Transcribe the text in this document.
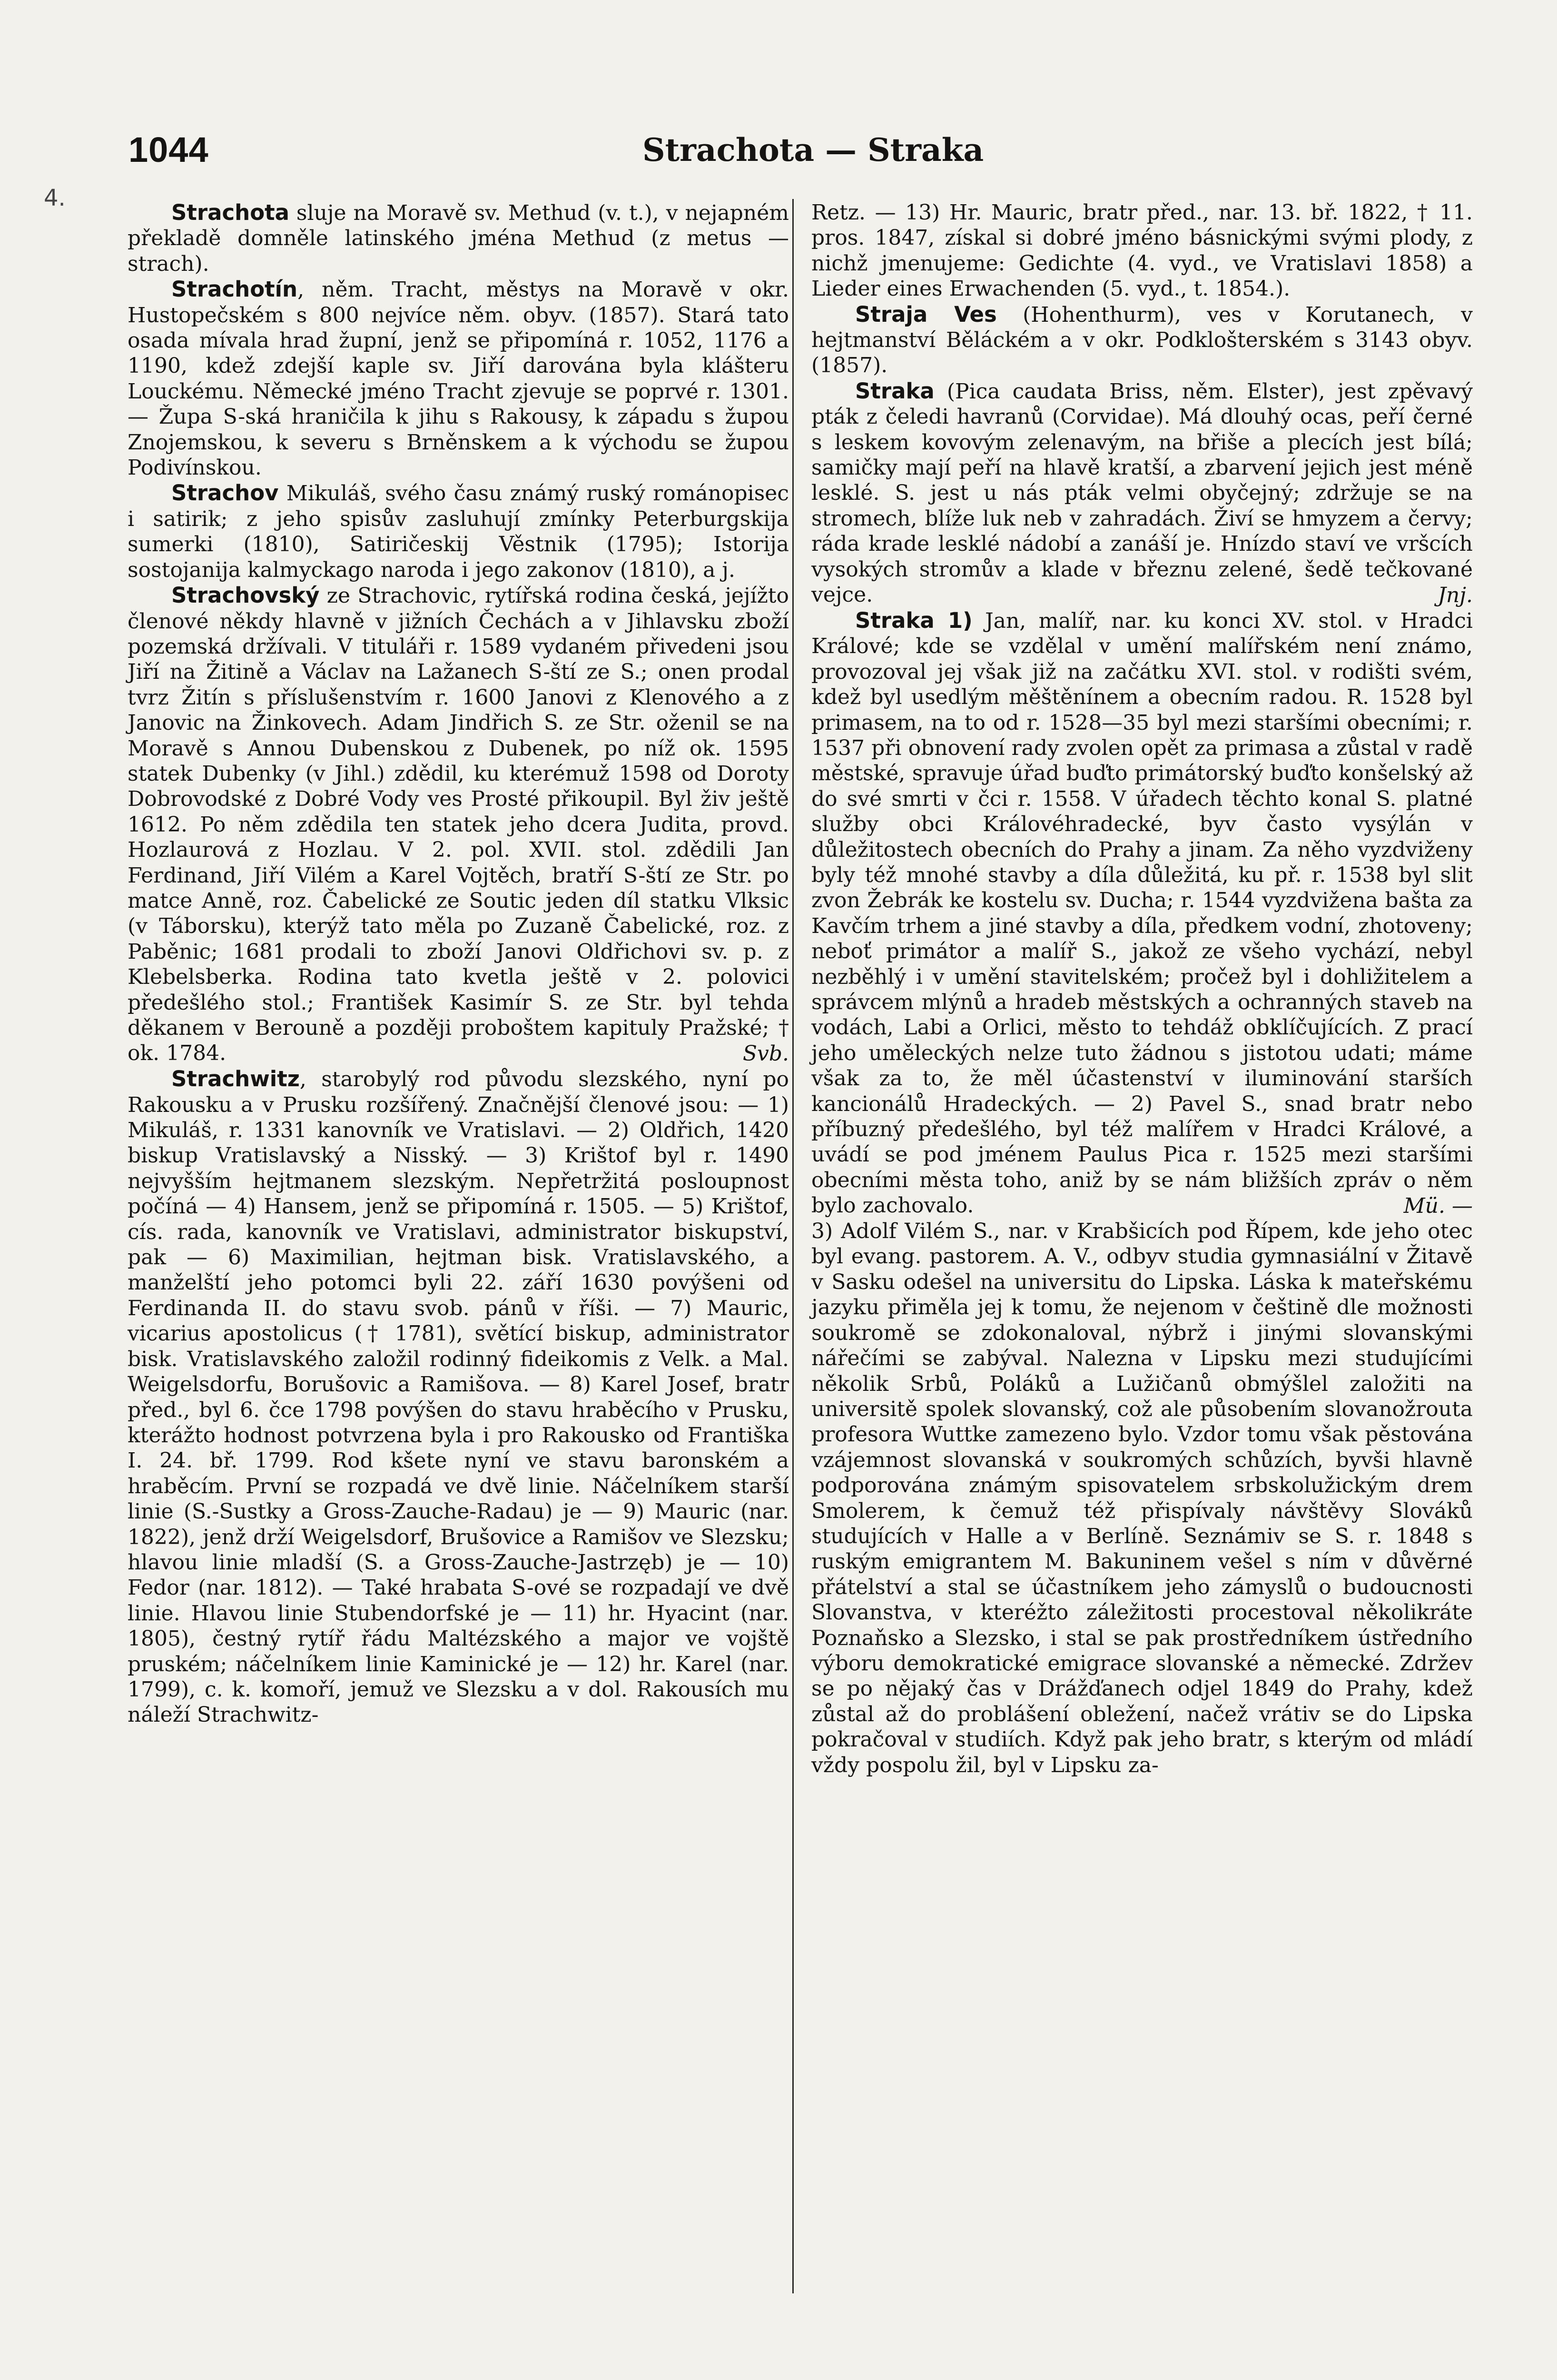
1044	Strachota — Straka
4.

Strachota sluje na Moravě sv. Methud (v. t.), v nejapném překladě domněle latinského jména Methud (z metus — strach).

Strachotín, něm. Tracht, městys na Moravě v okr. Hustopečském s 800 nejvíce něm. obyv. (1857). Stará tato osada mívala hrad župní, jenž se připomíná r. 1052, 1176 a 1190, kdež zdejší kaple sv. Jiří darována byla klášteru Louckému. Německé jméno Tracht zjevuje se poprvé r. 1301. — Župa S-ská hraničila k jihu s Rakousy, k západu s župou Znojemskou, k severu s Brněnskem a k východu se župou Podivínskou.

Strachov Mikuláš, svého času známý ruský románopisec i satirik; z jeho spisův zasluhují zmínky Peterburgskija sumerki (1810), Satiričeskij Věstnik (1795); Istorija sostojanija kalmyckago naroda i jego zakonov (1810), a j.

Strachovský ze Strachovic, rytířská rodina česká, jejížto členové někdy hlavně v jižních Čechách a v Jihlavsku zboží pozemská držívali. V tituláři r. 1589 vydaném přivedeni jsou Jiří na Žitině a Václav na Lažanech S-ští ze S.; onen prodal tvrz Žitín s příslušenstvím r. 1600 Janovi z Klenového a z Janovic na Žinkovech. Adam Jindřich S. ze Str. oženil se na Moravě s Annou Dubenskou z Dubenek, po níž ok. 1595 statek Dubenky (v Jihl.) zdědil, ku kterémuž 1598 od Doroty Dobrovodské z Dobré Vody ves Prosté přikoupil. Byl živ ještě 1612. Po něm zdědila ten statek jeho dcera Judita, provd. Hozlaurová z Hozlau. V 2. pol. XVII. stol. zdědili Jan Ferdinand, Jiří Vilém a Karel Vojtěch, bratří S-ští ze Str. po matce Anně, roz. Čabelické ze Soutic jeden díl statku Vlksic (v Táborsku), kterýž tato měla po Zuzaně Čabelické, roz. z Paběnic; 1681 prodali to zboží Janovi Oldřichovi sv. p. z Klebelsberka. Rodina tato kvetla ještě v 2. polovici předešlého stol.; František Kasimír S. ze Str. byl tehda děkanem v Berouně a později proboštem kapituly Pražské; † ok. 1784.	Svb.

Strachwitz, starobylý rod původu slezského, nyní po Rakousku a v Prusku rozšířený. Značnější členové jsou: — 1) Mikuláš, r. 1331 kanovník ve Vratislavi. — 2) Oldřich, 1420 biskup Vratislavský a Nisský. — 3) Krištof byl r. 1490 nejvyšším hejtmanem slezským. Nepřetržitá posloupnost počíná — 4) Hansem, jenž se připomíná r. 1505. — 5) Krištof, cís. rada, kanovník ve Vratislavi, administrator biskupství, pak — 6) Maximilian, hejtman bisk. Vratislavského, a manželští jeho potomci byli 22. září 1630 povýšeni od Ferdinanda II. do stavu svob. pánů v říši. — 7) Mauric, vicarius apostolicus († 1781), světící biskup, administrator bisk. Vratislavského založil rodinný fideikomis z Velk. a Mal. Weigelsdorfu, Borušovic a Ramišova. — 8) Karel Josef, bratr před., byl 6. čce 1798 povýšen do stavu hraběcího v Prusku, kterážto hodnost potvrzena byla i pro Rakousko od Františka I. 24. bř. 1799. Rod kšete nyní ve stavu baronském a hraběcím. První se rozpadá ve dvě linie. Náčelníkem starší linie (S.-Sustky a Gross-Zauche-Radau) je — 9) Mauric (nar. 1822), jenž drží Weigelsdorf, Brušovice a Ramišov ve Slezsku; hlavou linie mladší (S. a Gross-Zauche-Jastrzęb) je — 10) Fedor (nar. 1812). — Také hrabata S-ové se rozpadají ve dvě linie. Hlavou linie Stubendorfské je — 11) hr. Hyacint (nar. 1805), čestný rytíř řádu Maltézského a major ve vojště pruském; náčelníkem linie Kaminické je — 12) hr. Karel (nar. 1799), c. k. komoří, jemuž ve Slezsku a v dol. Rakousích mu náleží Strachwitz-

Retz. — 13) Hr. Mauric, bratr před., nar. 13. bř. 1822, † 11. pros. 1847, získal si dobré jméno básnickými svými plody, z nichž jmenujeme: Gedichte (4. vyd., ve Vratislavi 1858) a Lieder eines Erwachenden (5. vyd., t. 1854.).

Straja Ves (Hohenthurm), ves v Korutanech, v hejtmanství Běláckém a v okr. Podklošterském s 3143 obyv. (1857).

Straka (Pica caudata Briss, něm. Elster), jest zpěvavý pták z čeledi havranů (Corvidae). Má dlouhý ocas, peří černé s leskem kovovým zelenavým, na břiše a plecích jest bílá; samičky mají peří na hlavě kratší, a zbarvení jejich jest méně lesklé. S. jest u nás pták velmi obyčejný; zdržuje se na stromech, blíže luk neb v zahradách. Živí se hmyzem a červy; ráda krade lesklé nádobí a zanáší je. Hnízdo staví ve vršcích vysokých stromův a klade v březnu zelené, šedě tečkované vejce.	Jnj.

Straka 1) Jan, malíř, nar. ku konci XV. stol. v Hradci Králové; kde se vzdělal v umění malířském není známo, provozoval jej však již na začátku XVI. stol. v rodišti svém, kdež byl usedlým měštěnínem a obecním radou. R. 1528 byl primasem, na to od r. 1528—35 byl mezi staršími obecními; r. 1537 při obnovení rady zvolen opět za primasa a zůstal v radě městské, spravuje úřad buďto primátorský buďto konšelský až do své smrti v čci r. 1558. V úřadech těchto konal S. platné služby obci Královéhradecké, byv často vysýlán v důležitostech obecních do Prahy a jinam. Za něho vyzdviženy byly též mnohé stavby a díla důležitá, ku př. r. 1538 byl slit zvon Žebrák ke kostelu sv. Ducha; r. 1544 vyzdvižena bašta za Kavčím trhem a jiné stavby a díla, předkem vodní, zhotoveny; neboť primátor a malíř S., jakož ze všeho vychází, nebyl nezběhlý i v umění stavitelském; pročež byl i dohližitelem a správcem mlýnů a hradeb městských a ochranných staveb na vodách, Labi a Orlici, město to tehdáž obklíčujících. Z prací jeho uměleckých nelze tuto žádnou s jistotou udati; máme však za to, že měl účastenství v iluminování starších kancionálů Hradeckých. — 2) Pavel S., snad bratr nebo příbuzný předešlého, byl též malířem v Hradci Králové, a uvádí se pod jménem Paulus Pica r. 1525 mezi staršími obecními města toho, aniž by se nám bližších zpráv o něm bylo zachovalo.	Mü. —

3) Adolf Vilém S., nar. v Krabšicích pod Řípem, kde jeho otec byl evang. pastorem. A. V., odbyv studia gymnasiální v Žitavě v Sasku odešel na universitu do Lipska. Láska k mateřskému jazyku přiměla jej k tomu, že nejenom v češtině dle možnosti soukromě se zdokonaloval, nýbrž i jinými slovanskými nářečími se zabýval. Nalezna v Lipsku mezi studujícími několik Srbů, Poláků a Lužičanů obmýšlel založiti na universitě spolek slovanský, což ale působením slovanožrouta profesora Wuttke zamezeno bylo. Vzdor tomu však pěstována vzájemnost slovanská v soukromých schůzích, byvši hlavně podporována známým spisovatelem srbskolužickým drem Smolerem, k čemuž též přispívaly návštěvy Slováků studujících v Halle a v Berlíně. Seznámiv se S. r. 1848 s ruským emigrantem M. Bakuninem vešel s ním v důvěrné přátelství a stal se účastníkem jeho zámyslů o budoucnosti Slovanstva, v kteréžto záležitosti procestoval několikráte Poznaňsko a Slezsko, i stal se pak prostředníkem ústředního výboru demokratické emigrace slovanské a německé. Zdržev se po nějaký čas v Drážďanech odjel 1849 do Prahy, kdež zůstal až do problášení obležení, načež vrátiv se do Lipska pokračoval v studiích. Když pak jeho bratr, s kterým od mládí vždy pospolu žil, byl v Lipsku za-
